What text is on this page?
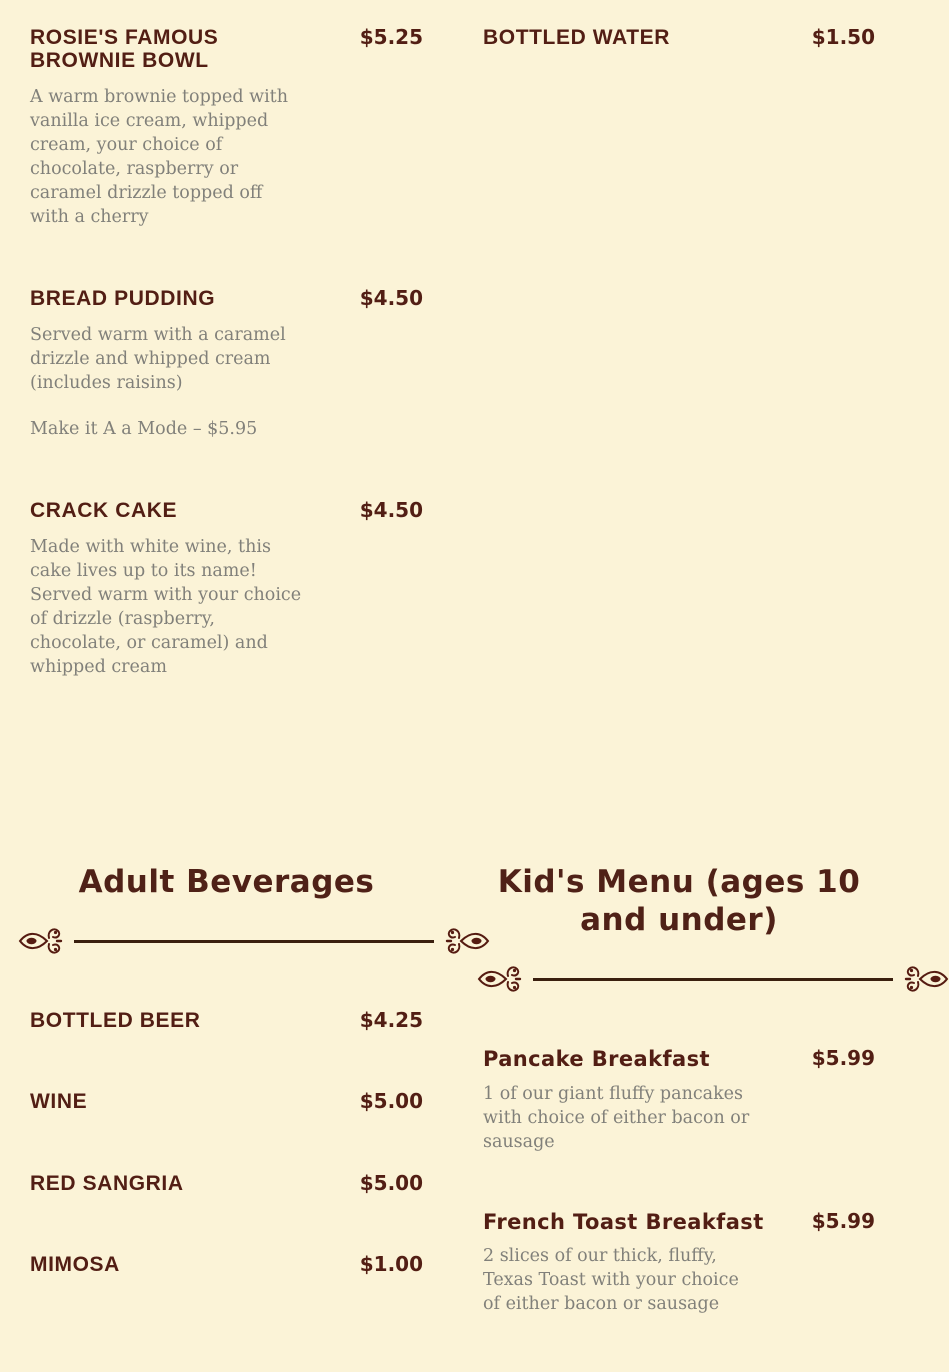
ROSIE'S FAMOUS BROWNIE BOWL
$5.25

A warm brownie topped with vanilla ice cream, whipped cream, your choice of chocolate, raspberry or caramel drizzle topped off with a cherry

BREAD PUDDING	$4.50

Served warm with a caramel drizzle and whipped cream (includes raisins)

Make it A a Mode – $5.95

CRACK CAKE	$4.50

Made with white wine, this cake lives up to its name! Served warm with your choice of drizzle (raspberry, chocolate, or caramel) and whipped cream

BOTTLED WATER	$1.50
Adult Beverages
BOTTLED BEER	$4.25
WINE	$5.00
RED SANGRIA	$5.00
MIMOSA	$1.00
Kid's Menu (ages 10 and under)
Pancake Breakfast	$5.99

1 of our giant fluffy pancakes with choice of either bacon or sausage

French Toast Breakfast $5.99

2 slices of our thick, fluffy, Texas Toast with your choice of either bacon or sausage
